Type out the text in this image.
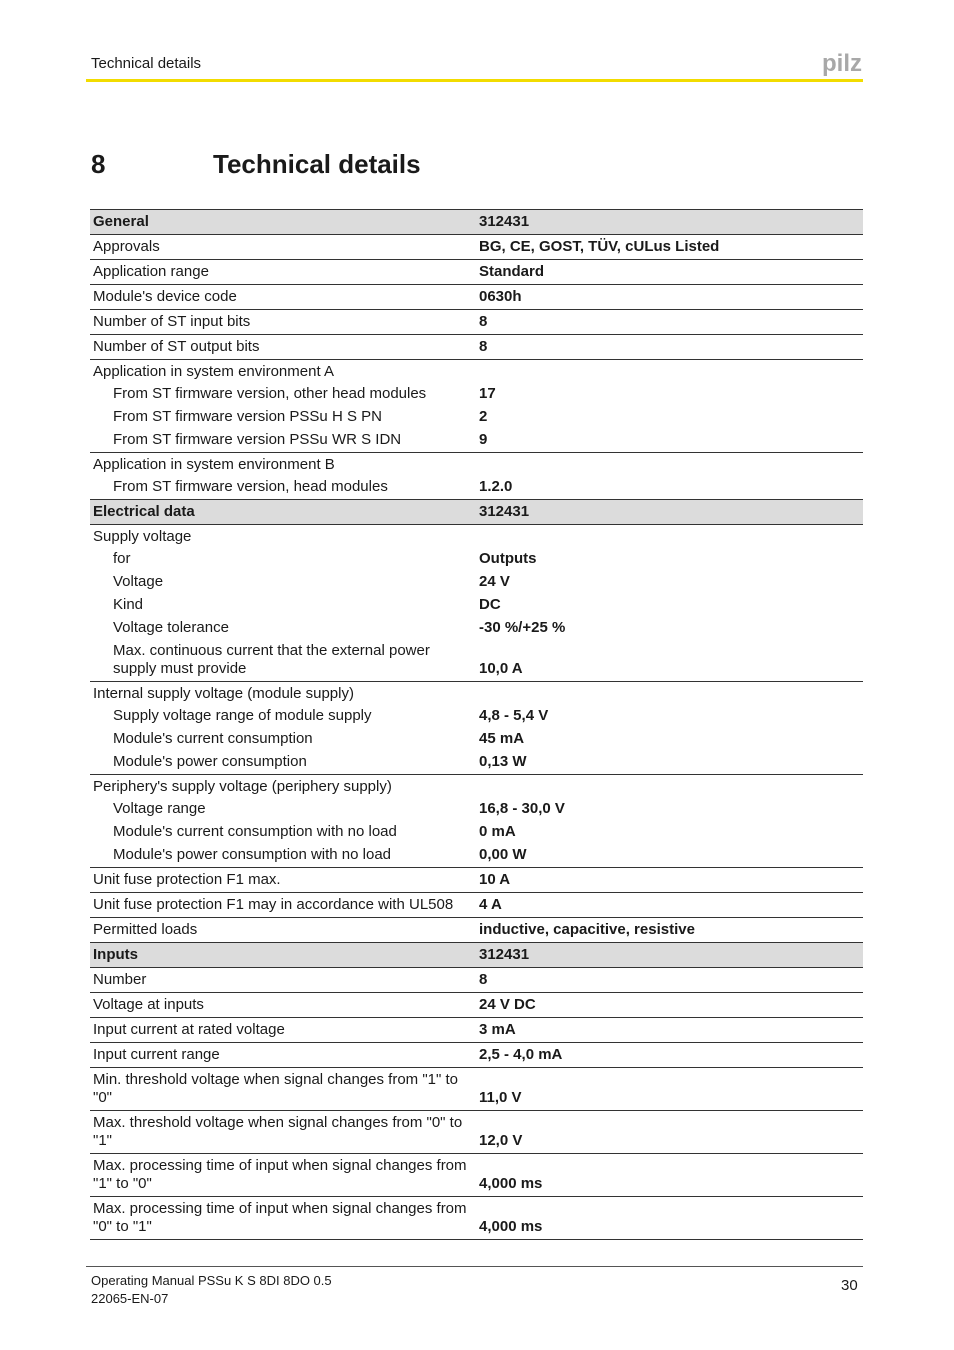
Technical details	pilz
8	Technical details
General	312431
Approvals	BG, CE, GOST, TÜV, cULus Listed
Application range	Standard
Module's device code	0630h
Number of ST input bits	8
Number of ST output bits	8
Application in system environment A
From ST firmware version, other head modules	17
From ST firmware version PSSu H S PN	2
From ST firmware version PSSu WR S IDN	9
Application in system environment B
From ST firmware version, head modules	1.2.0
Electrical data	312431
Supply voltage
for	Outputs
Voltage	24 V
Kind	DC
Voltage tolerance	-30 %/+25 %
Max. continuous current that the external power supply must provide	10,0 A
Internal supply voltage (module supply)
Supply voltage range of module supply	4,8 - 5,4 V
Module's current consumption	45 mA
Module's power consumption	0,13 W
Periphery's supply voltage (periphery supply)
Voltage range	16,8 - 30,0 V
Module's current consumption with no load	0 mA
Module's power consumption with no load	0,00 W
Unit fuse protection F1 max.	10 A
Unit fuse protection F1 may in accordance with UL508	4 A
Permitted loads	inductive, capacitive, resistive
Inputs	312431
Number	8
Voltage at inputs	24 V DC
Input current at rated voltage	3 mA
Input current range	2,5 - 4,0 mA
Min. threshold voltage when signal changes from "1" to "0"	11,0 V
Max. threshold voltage when signal changes from "0" to "1"	12,0 V
Max. processing time of input when signal changes from "1" to "0"	4,000 ms
Max. processing time of input when signal changes from "0" to "1"	4,000 ms
Operating Manual PSSu K S 8DI 8DO 0.5
22065-EN-07
30
